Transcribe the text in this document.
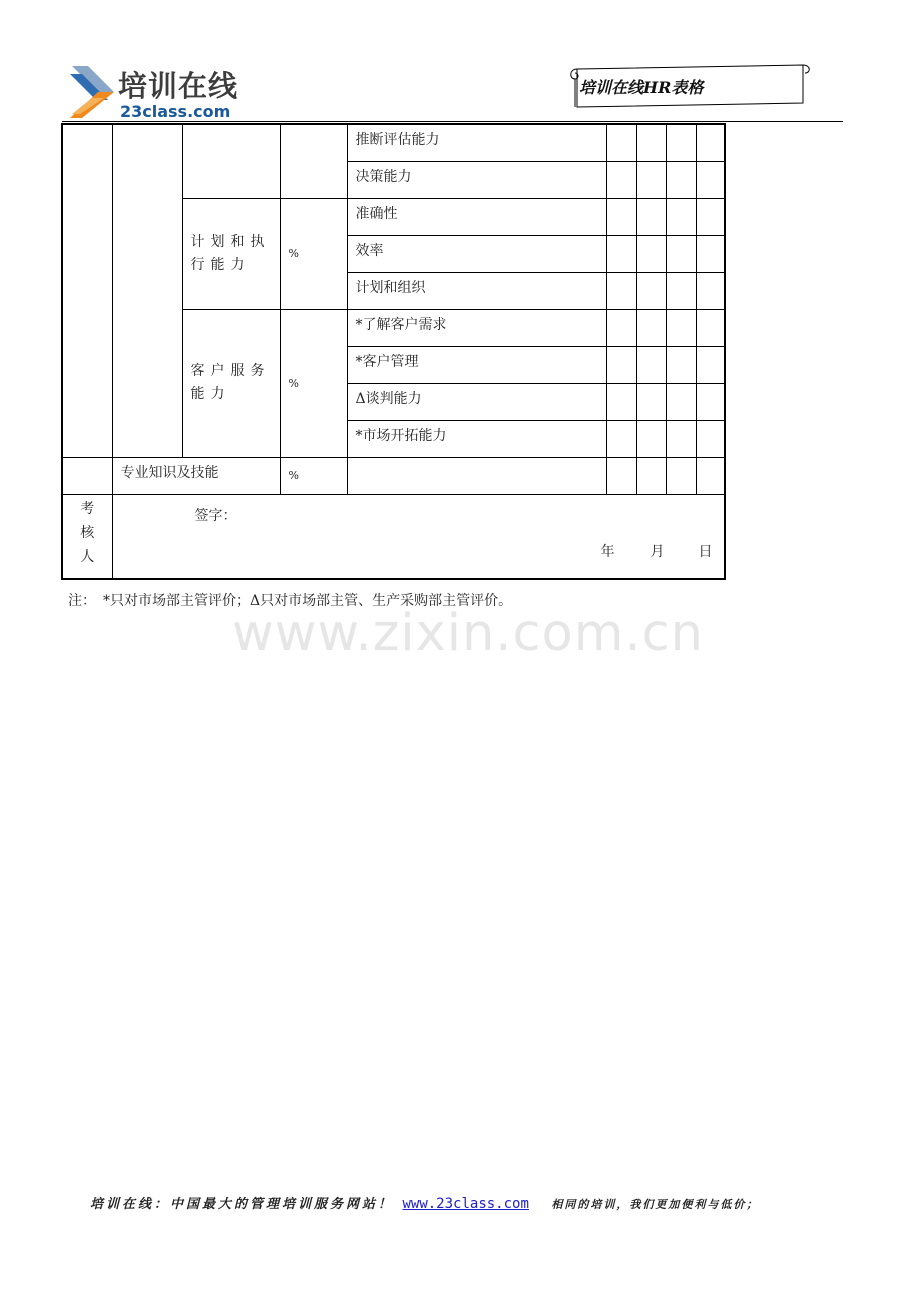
培训在线
23class.com
培训在线HR表格
				推断评估能力				
				决策能力				
		计划和执行能力	%	准确性				
				效率				
				计划和组织				
		客户服务能力	%	*了解客户需求				
				*客户管理				
				Δ谈判能力				
				*市场开拓能力				
	专业知识及技能		%					
考核人	签字：
年 月 日							
注：　*只对市场部主管评价；Δ只对市场部主管、生产采购部主管评价。
www.zixin.com.cn
培训在线：中国最大的管理培训服务网站！ www.23class.com 相同的培训，我们更加便利与低价；
